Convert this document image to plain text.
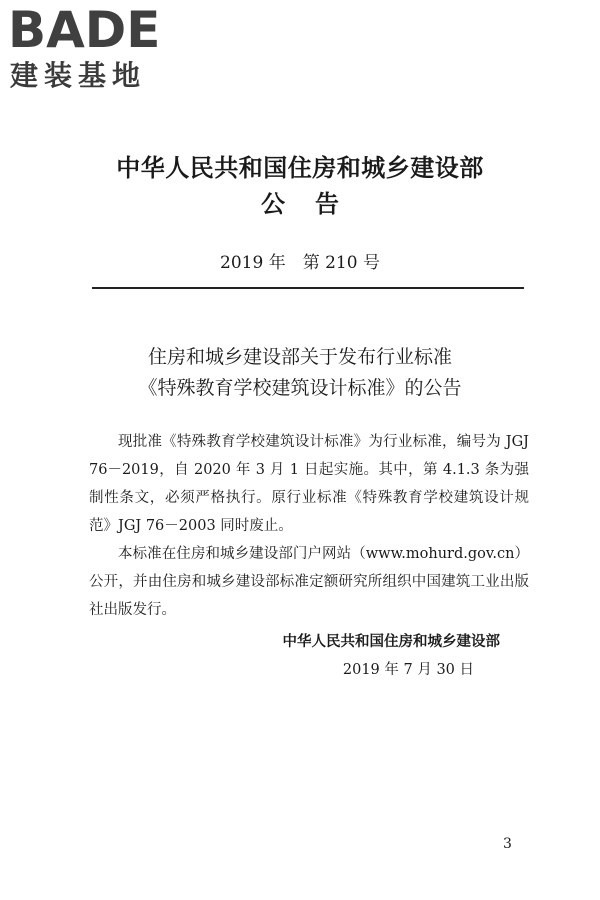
BADE
建装基地
中华人民共和国住房和城乡建设部
公告
2019 年　第 210 号
住房和城乡建设部关于发布行业标准
《特殊教育学校建筑设计标准》的公告

现批准《特殊教育学校建筑设计标准》为行业标准，编号为 JGJ 76－2019，自 2020 年 3 月 1 日起实施。其中，第 4.1.3 条为强制性条文，必须严格执行。原行业标准《特殊教育学校建筑设计规范》JGJ 76－2003 同时废止。

本标准在住房和城乡建设部门户网站（www.mohurd.gov.cn）公开，并由住房和城乡建设部标准定额研究所组织中国建筑工业出版社出版发行。

中华人民共和国住房和城乡建设部
2019 年 7 月 30 日
3
